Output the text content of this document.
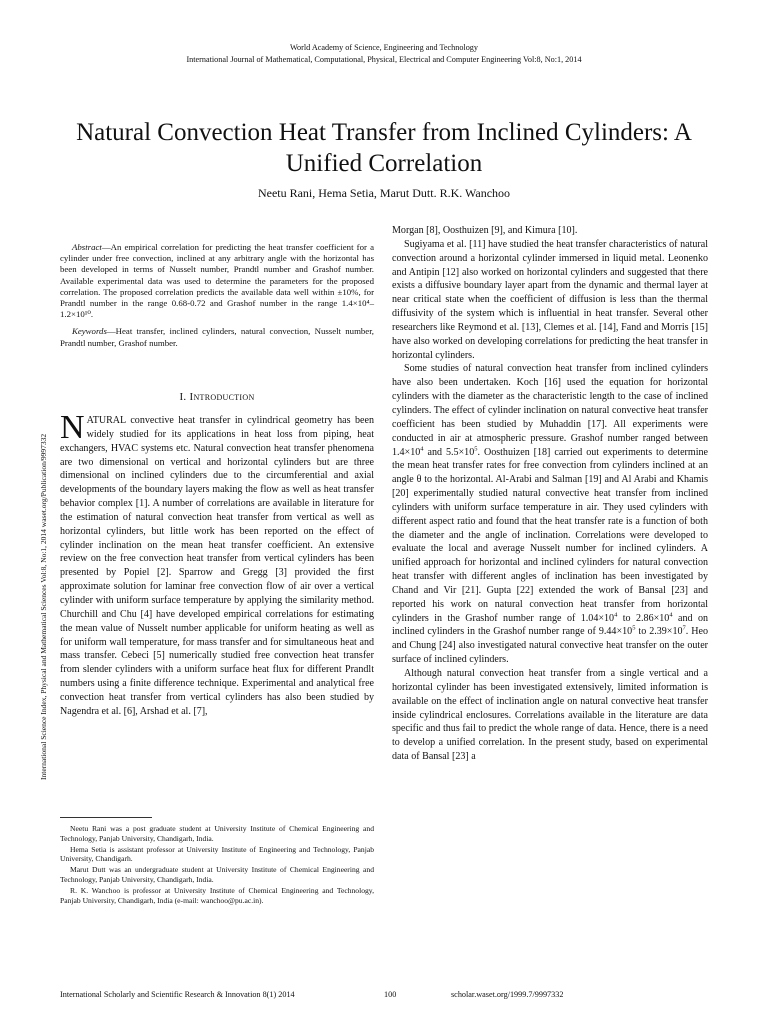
World Academy of Science, Engineering and Technology
International Journal of Mathematical, Computational, Physical, Electrical and Computer Engineering Vol:8, No:1, 2014
Natural Convection Heat Transfer from Inclined Cylinders: A Unified Correlation
Neetu Rani, Hema Setia, Marut Dutt. R.K. Wanchoo
International Science Index, Physical and Mathematical Sciences Vol:8, No:1, 2014 waset.org/Publication/9997332

Abstract—An empirical correlation for predicting the heat transfer coefficient for a cylinder under free convection, inclined at any arbitrary angle with the horizontal has been developed in terms of Nusselt number, Prandtl number and Grashof number. Available experimental data was used to determine the parameters for the proposed correlation. The proposed correlation predicts the available data well within ±10%, for Prandtl number in the range 0.68-0.72 and Grashof number in the range 1.4×10⁴–1.2×10¹⁰.

Keywords—Heat transfer, inclined cylinders, natural convection, Nusselt number, Prandtl number, Grashof number.

I. Introduction

NATURAL convective heat transfer in cylindrical geometry has been widely studied for its applications in heat loss from piping, heat exchangers, HVAC systems etc. Natural convection heat transfer phenomena are two dimensional on vertical and horizontal cylinders but are three dimensional on inclined cylinders due to the circumferential and axial developments of the boundary layers making the flow as well as heat transfer behavior complex [1]. A number of correlations are available in literature for the estimation of natural convection heat transfer from vertical as well as horizontal cylinders, but little work has been reported on the effect of cylinder inclination on the mean heat transfer coefficient. An extensive review on the free convection heat transfer from vertical cylinders has been presented by Popiel [2]. Sparrow and Gregg [3] provided the first approximate solution for laminar free convection flow of air over a vertical cylinder with uniform surface temperature by applying the similarity method. Churchill and Chu [4] have developed empirical correlations for estimating the mean value of Nusselt number applicable for uniform heating as well as for uniform wall temperature, for mass transfer and for simultaneous heat and mass transfer. Cebeci [5] numerically studied free convection heat transfer from slender cylinders with a uniform surface heat flux for different Prandlt numbers using a finite difference technique. Experimental and analytical free convection heat transfer from vertical cylinders has also been studied by Nagendra et al. [6], Arshad et al. [7],

Morgan [8], Oosthuizen [9], and Kimura [10].

Sugiyama et al. [11] have studied the heat transfer characteristics of natural convection around a horizontal cylinder immersed in liquid metal. Leonenko and Antipin [12] also worked on horizontal cylinders and suggested that there exists a diffusive boundary layer apart from the dynamic and thermal layer at near critical state when the coefficient of diffusion is less than the thermal diffusivity of the system which is influential in heat transfer. Several other researchers like Reymond et al. [13], Clemes et al. [14], Fand and Morris [15] have also worked on developing correlations for predicting the heat transfer in horizontal cylinders.

Some studies of natural convection heat transfer from inclined cylinders have also been undertaken. Koch [16] used the equation for horizontal cylinders with the diameter as the characteristic length to the case of inclined cylinders. The effect of cylinder inclination on natural convective heat transfer coefficient has been studied by Muhaddin [17]. All experiments were conducted in air at atmospheric pressure. Grashof number ranged between $1.4\times 10^4$ and $5.5\times 10^5$. Oosthuizen [18] carried out experiments to determine the mean heat transfer rates for free convection from cylinders inclined at an angle θ to the horizontal. Al-Arabi and Salman [19] and Al Arabi and Khamis [20] experimentally studied natural convective heat transfer from inclined cylinders with uniform surface temperature in air. They used cylinders with different aspect ratio and found that the heat transfer rate is a function of both the diameter and the angle of inclination. Correlations were developed to evaluate the local and average Nusselt number for inclined cylinders. A unified approach for horizontal and inclined cylinders for natural convection heat transfer with different angles of inclination has been investigated by Chand and Vir [21]. Gupta [22] extended the work of Bansal [23] and reported his work on natural convection heat transfer from horizontal cylinders in the Grashof number range of $1.04\times 10^4$ to $2.86\times 10^4$ and on inclined cylinders in the Grashof number range of $9.44\times 10^5$ to $2.39\times 10^7$. Heo and Chung [24] also investigated natural convective heat transfer on the outer surface of inclined cylinders.

Although natural convection heat transfer from a single vertical and a horizontal cylinder has been investigated extensively, limited information is available on the effect of inclination angle on natural convective heat transfer inside cylindrical enclosures. Correlations available in the literature are data specific and thus fail to predict the whole range of data. Hence, there is a need to develop a unified correlation. In the present study, based on experimental data of Bansal [23] a

Neetu Rani was a post graduate student at University Institute of Chemical Engineering and Technology, Panjab University, Chandigarh, India.

Hema Setia is assistant professor at University Institute of Engineering and Technology, Panjab University, Chandigarh.

Marut Dutt was an undergraduate student at University Institute of Chemical Engineering and Technology, Panjab University, Chandigarh, India.

R. K. Wanchoo is professor at University Institute of Chemical Engineering and Technology, Panjab University, Chandigarh, India (e-mail: wanchoo@pu.ac.in).

International Scholarly and Scientific Research & Innovation 8(1) 2014	100	scholar.waset.org/1999.7/9997332
